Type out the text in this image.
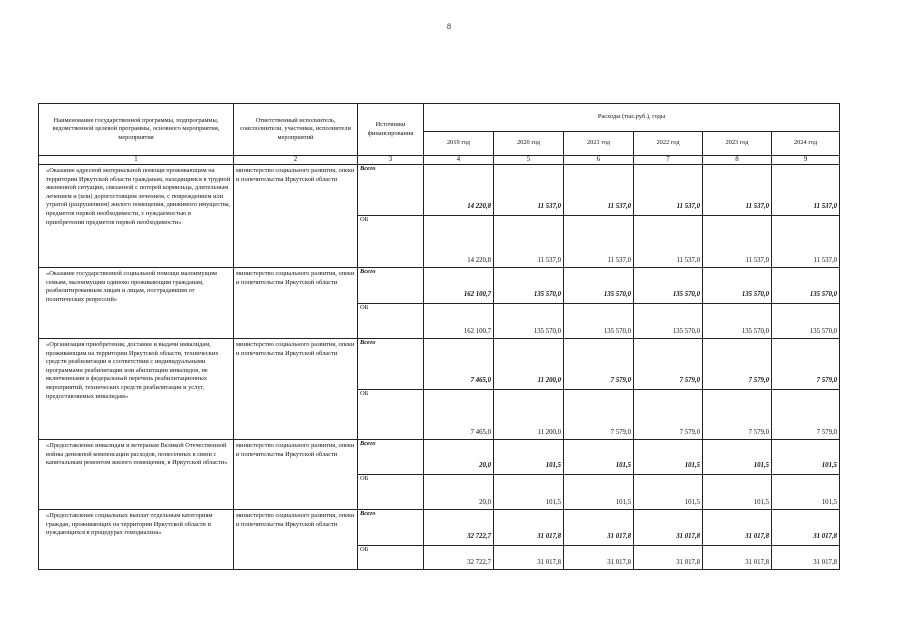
8
Наименование государственной программы, подпрограммы, ведомственной целевой программы, основного мероприятия, мероприятия	Ответственный исполнитель, соисполнители, участники, исполнители мероприятий	Источники финансирования	Расходы (тыс.руб.), годы					
			2019 год	2020 год	2021 год	2022 год	2023 год	2024 год
1	2	3	4	5	6	7	8	9
«Оказание адресной материальной помощи проживающим на территории Иркутской области гражданам, находящимся в трудной жизненной ситуации, связанной с потерей кормильца, длительным лечением и (или) дорогостоящим лечением, с повреждением или утратой (разрушением) жилого помещения, движимого имущества, предметов первой необходимости, с нуждаемостью в приобретении предметов первой необходимости»	министерство социального развития, опеки и попечительства Иркутской области	Всего	14 220,8	11 537,0	11 537,0	11 537,0	11 537,0	11 537,0
		ОБ	14 220,8	11 537,0	11 537,0	11 537,0	11 537,0	11 537,0
«Оказание государственной социальной помощи малоимущим семьям, малоимущим одиноко проживающим гражданам, реабилитированным лицам и лицам, пострадавшим от политических репрессий»	министерство социального развития, опеки и попечительства Иркутской области	Всего	162 100,7	135 570,0	135 570,0	135 570,0	135 570,0	135 570,0
		ОБ	162 100,7	135 570,0	135 570,0	135 570,0	135 570,0	135 570,0
«Организация приобретения, доставки и выдачи инвалидам, проживающим на территории Иркутской области, технических средств реабилитации в соответствии с индивидуальными программами реабилитации или абилитации инвалидов, не включенными в федеральный перечень реабилитационных мероприятий, технических средств реабилитации и услуг, предоставляемых инвалидам»	министерство социального развития, опеки и попечительства Иркутской области	Всего	7 465,0	11 200,0	7 579,0	7 579,0	7 579,0	7 579,0
		ОБ	7 465,0	11 200,0	7 579,0	7 579,0	7 579,0	7 579,0
«Предоставление инвалидам и ветеранам Великой Отечественной войны денежной компенсации расходов, понесенных в связи с капитальным ремонтом жилого помещения, в Иркутской области»	министерство социального развития, опеки и попечительства Иркутской области	Всего	20,0	101,5	101,5	101,5	101,5	101,5
		ОБ	20,0	101,5	101,5	101,5	101,5	101,5
«Предоставление социальных выплат отдельным категориям граждан, проживающих на территории Иркутской области и нуждающихся в процедурах гемодиализа»	министерство социального развития, опеки и попечительства Иркутской области	Всего	32 722,7	31 017,8	31 017,8	31 017,8	31 017,8	31 017,8
		ОБ	32 722,7	31 017,8	31 017,8	31 017,8	31 017,8	31 017,8
